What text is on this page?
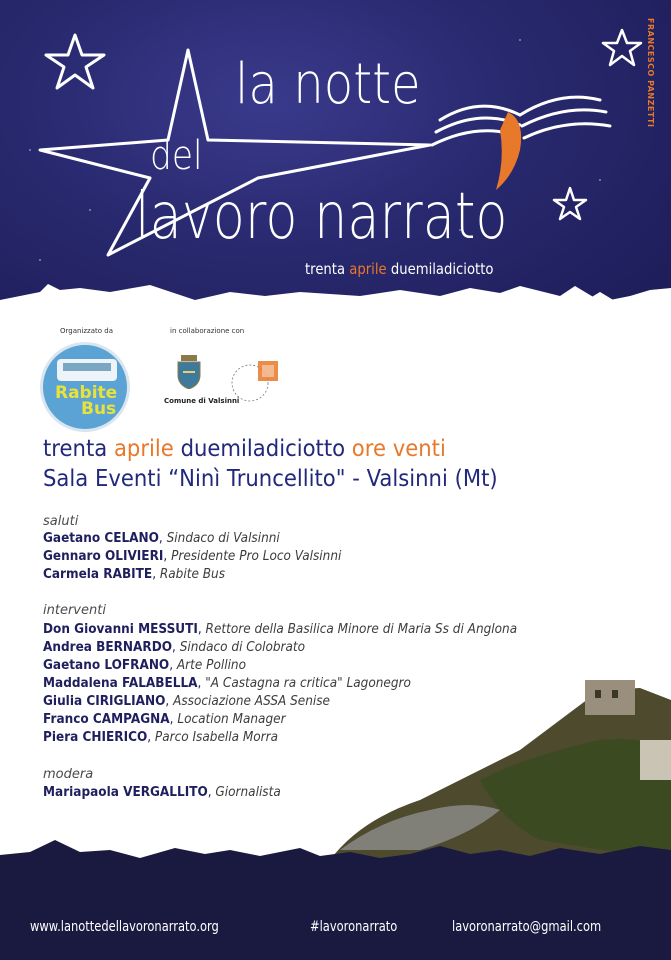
la notte
del
lavoro narrato
trenta aprile duemiladiciotto
FRANCESCO PANZETTI
Organizzato da	in collaborazione con
Rabite
Bus	Comune di Valsinni
trenta aprile duemiladiciotto ore venti
Sala Eventi “Ninì Truncellito" - Valsinni (Mt)
saluti
Gaetano CELANO, Sindaco di Valsinni
Gennaro OLIVIERI, Presidente Pro Loco Valsinni
Carmela RABITE, Rabite Bus
interventi
Don Giovanni MESSUTI, Rettore della Basilica Minore di Maria Ss di Anglona
Andrea BERNARDO, Sindaco di Colobrato
Gaetano LOFRANO, Arte Pollino
Maddalena FALABELLA, "A Castagna ra critica" Lagonegro
Giulia CIRIGLIANO, Associazione ASSA Senise
Franco CAMPAGNA, Location Manager
Piera CHIERICO, Parco Isabella Morra
modera
Mariapaola VERGALLITO, Giornalista
www.lanottedellavoronarrato.org	#lavoronarrato	lavoronarrato@gmail.com
